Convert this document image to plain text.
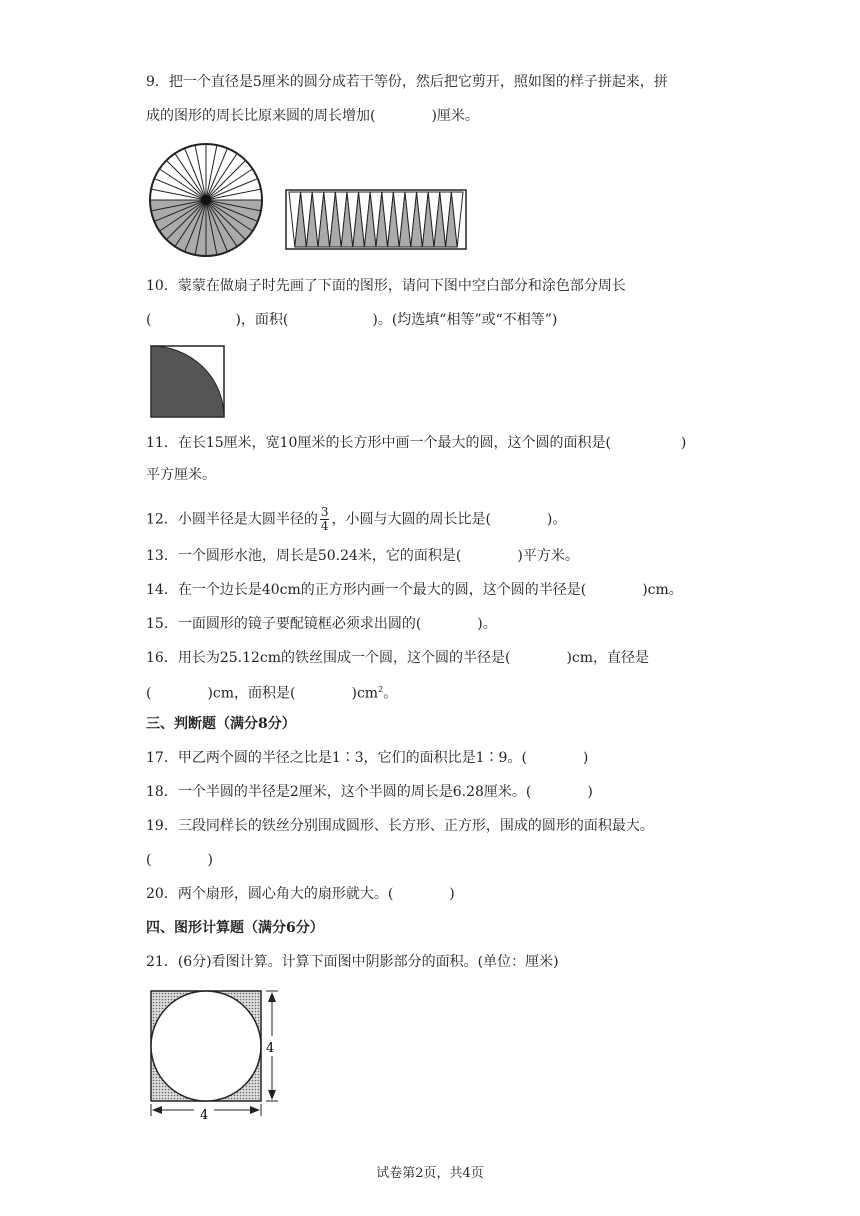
9．把一个直径是5厘米的圆分成若干等份，然后把它剪开，照如图的样子拼起来，拼
成的图形的周长比原来圆的周长增加(　　　　)厘米。
10．蒙蒙在做扇子时先画了下面的图形，请问下图中空白部分和涂色部分周长
(　　　　　　)，面积(　　　　　　)。(均选填“相等”或“不相等”)
11．在长15厘米，宽10厘米的长方形中画一个最大的圆，这个圆的面积是(　　　　　)
平方厘米。
12．小圆半径是大圆半径的 $\frac{3}{4}$ ，小圆与大圆的周长比是(　　　　)。
13．一个圆形水池，周长是50.24米，它的面积是(　　　　)平方米。
14．在一个边长是40cm的正方形内画一个最大的圆，这个圆的半径是(　　　　)cm。
15．一面圆形的镜子要配镜框必须求出圆的(　　　　)。
16．用长为25.12cm的铁丝围成一个圆，这个圆的半径是(　　　　)cm，直径是
(　　　　)cm，面积是(　　　　)$cm^2$。
三、判断题（满分8分）
17．甲乙两个圆的半径之比是1∶3，它们的面积比是1∶9。(　　　　)
18．一个半圆的半径是2厘米，这个半圆的周长是6.28厘米。(　　　　)
19．三段同样长的铁丝分别围成圆形、长方形、正方形，围成的圆形的面积最大。
(　　　　)
20．两个扇形，圆心角大的扇形就大。(　　　　)
四、图形计算题（满分6分）
21．(6分)看图计算。计算下面图中阴影部分的面积。(单位：厘米)
4
4
试卷第2页，共4页
